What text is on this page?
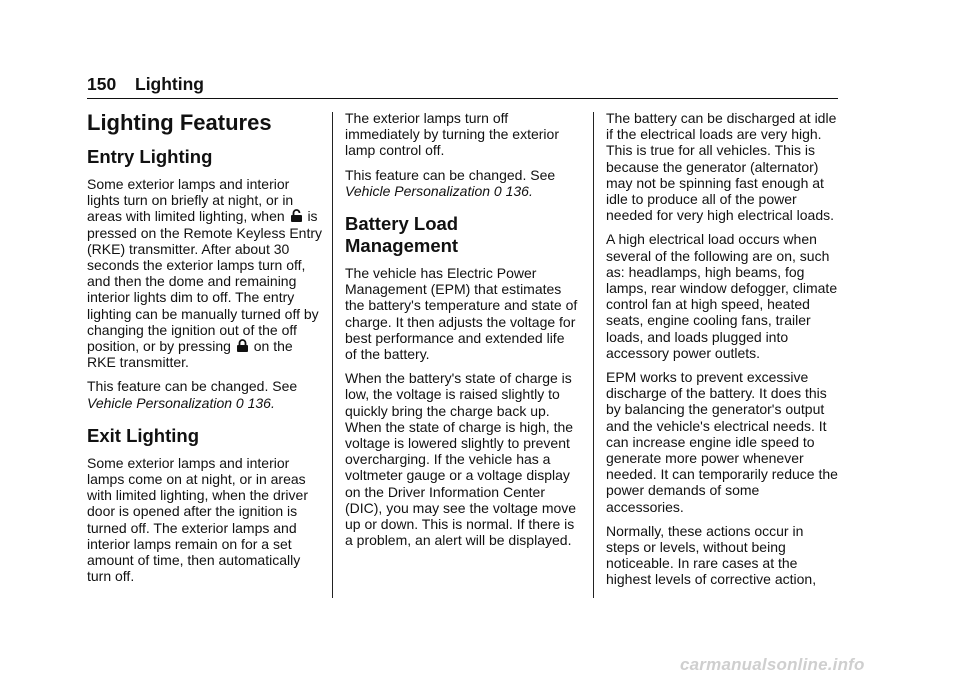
150 Lighting
Lighting Features
Entry Lighting

Some exterior lamps and interior lights turn on briefly at night, or in areas with limited lighting, when is pressed on the Remote Keyless Entry (RKE) transmitter. After about 30 seconds the exterior lamps turn off, and then the dome and remaining interior lights dim to off. The entry lighting can be manually turned off by changing the ignition out of the off position, or by pressing on the RKE transmitter.

This feature can be changed. See Vehicle Personalization 0 136.

Exit Lighting

Some exterior lamps and interior lamps come on at night, or in areas with limited lighting, when the driver door is opened after the ignition is turned off. The exterior lamps and interior lamps remain on for a set amount of time, then automatically turn off.

The exterior lamps turn off immediately by turning the exterior lamp control off.

This feature can be changed. See Vehicle Personalization 0 136.

Battery Load
Management

The vehicle has Electric Power Management (EPM) that estimates the battery's temperature and state of charge. It then adjusts the voltage for best performance and extended life of the battery.

When the battery's state of charge is low, the voltage is raised slightly to quickly bring the charge back up. When the state of charge is high, the voltage is lowered slightly to prevent overcharging. If the vehicle has a voltmeter gauge or a voltage display on the Driver Information Center (DIC), you may see the voltage move up or down. This is normal. If there is a problem, an alert will be displayed.

The battery can be discharged at idle if the electrical loads are very high. This is true for all vehicles. This is because the generator (alternator) may not be spinning fast enough at idle to produce all of the power needed for very high electrical loads.

A high electrical load occurs when several of the following are on, such as: headlamps, high beams, fog lamps, rear window defogger, climate control fan at high speed, heated seats, engine cooling fans, trailer loads, and loads plugged into accessory power outlets.

EPM works to prevent excessive discharge of the battery. It does this by balancing the generator's output and the vehicle's electrical needs. It can increase engine idle speed to generate more power whenever needed. It can temporarily reduce the power demands of some accessories.

Normally, these actions occur in steps or levels, without being noticeable. In rare cases at the highest levels of corrective action,

carmanualsonline.info
